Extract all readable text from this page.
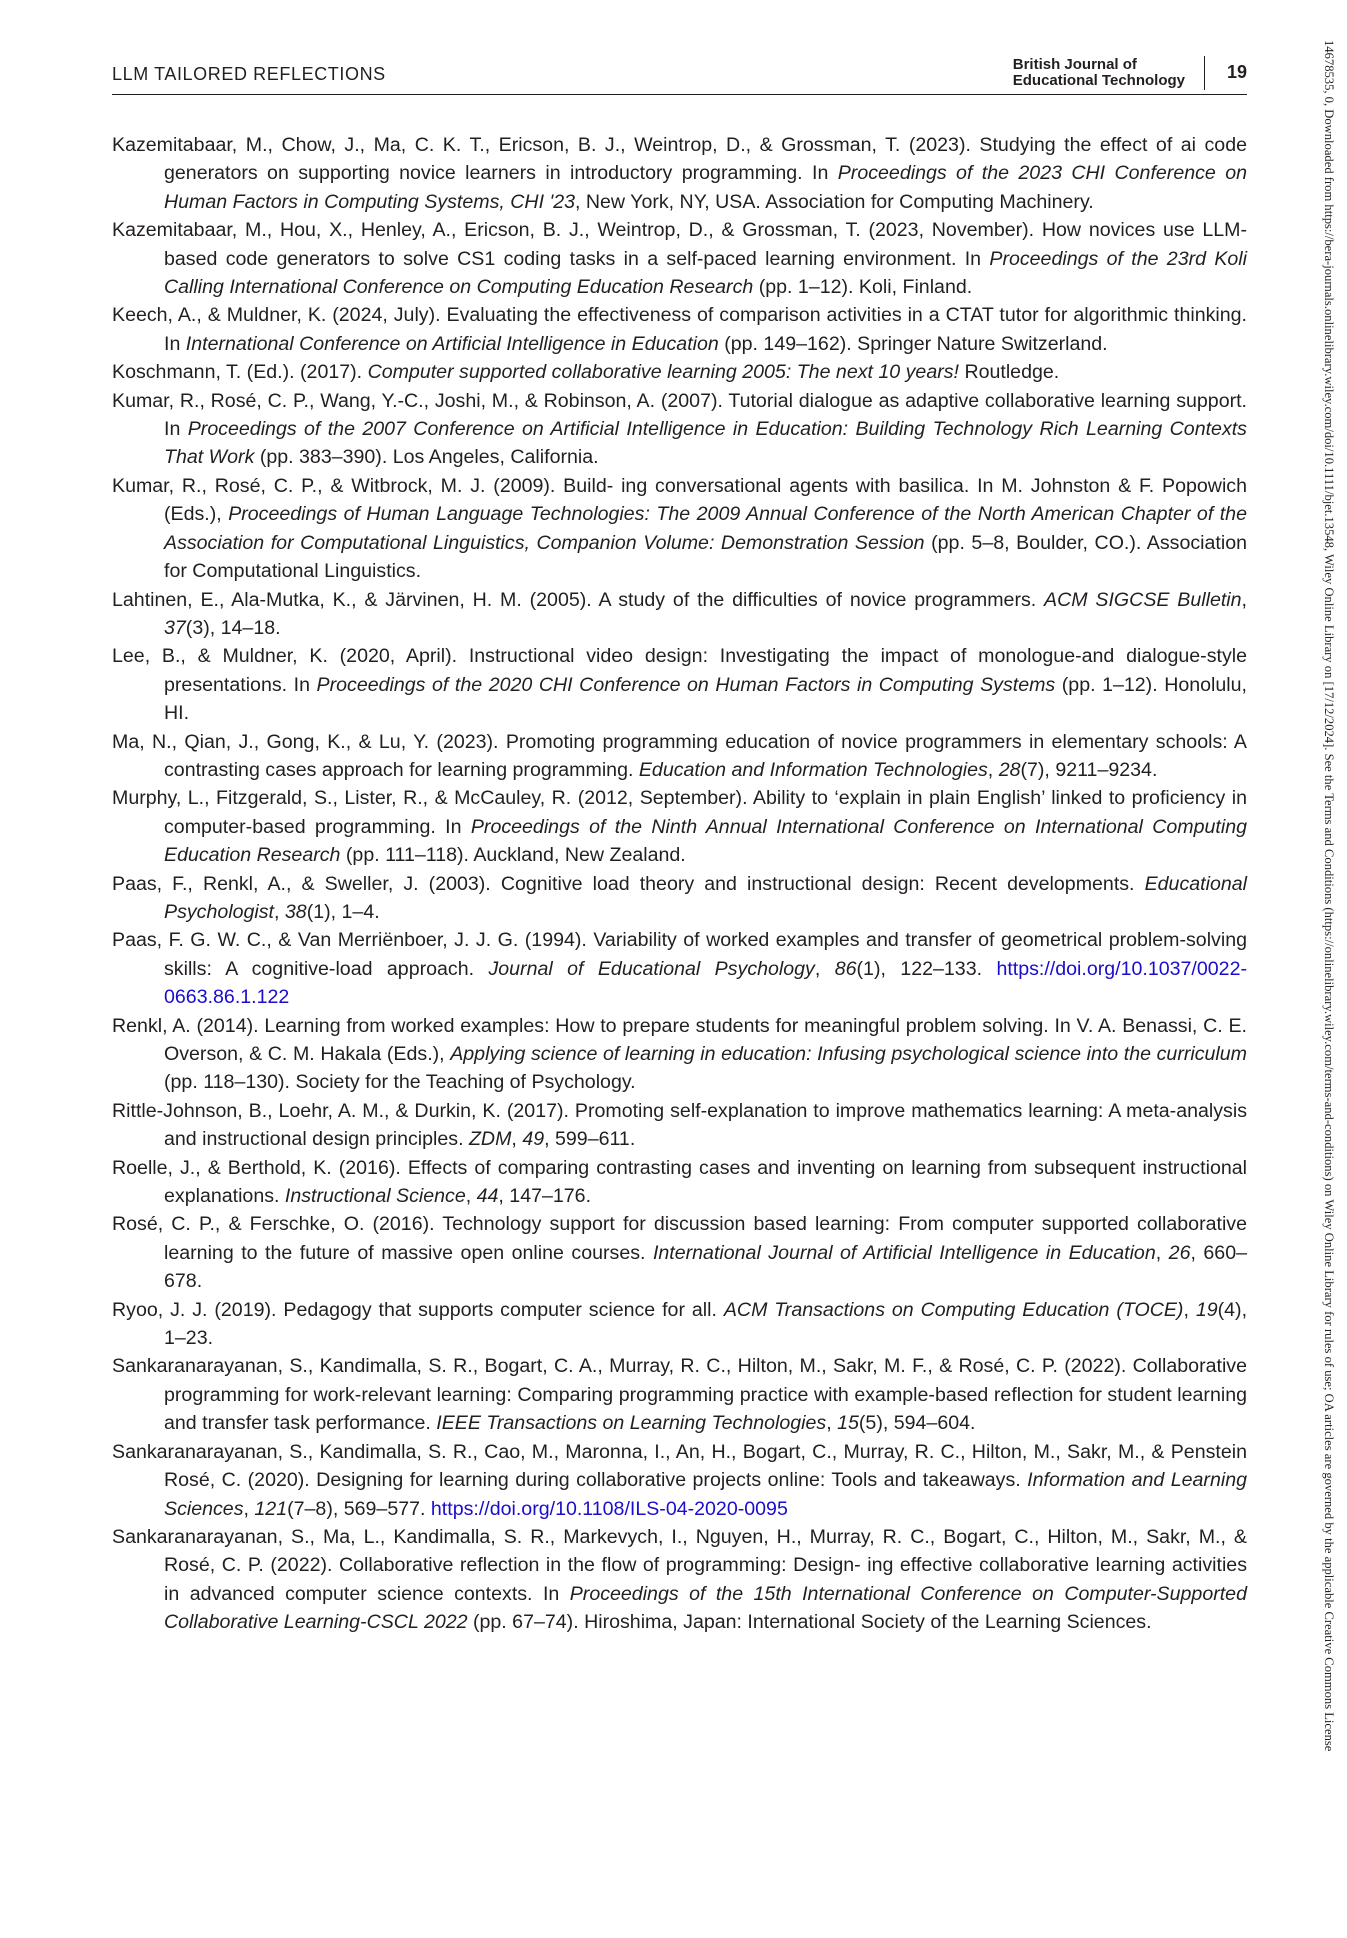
LLM TAILORED REFLECTIONS	British Journal of
Educational Technology 19	14678535, 0, Downloaded from https://bera-journals.onlinelibrary.wiley.com/doi/10.1111/bjet.13548, Wiley Online Library on [17/12/2024]. See the Terms and Conditions (https://onlinelibrary.wiley.com/terms-and-conditions) on Wiley Online Library for rules of use; OA articles are governed by the applicable Creative Commons License

Kazemitabaar, M., Chow, J., Ma, C. K. T., Ericson, B. J., Weintrop, D., & Grossman, T. (2023). Studying the effect of ai code generators on supporting novice learners in introductory programming. In Proceedings of the 2023 CHI Conference on Human Factors in Computing Systems, CHI '23, New York, NY, USA. Association for Computing Machinery.

Kazemitabaar, M., Hou, X., Henley, A., Ericson, B. J., Weintrop, D., & Grossman, T. (2023, November). How novices use LLM-based code generators to solve CS1 coding tasks in a self-paced learning environment. In Proceedings of the 23rd Koli Calling International Conference on Computing Education Research (pp. 1–12). Koli, Finland.

Keech, A., & Muldner, K. (2024, July). Evaluating the effectiveness of comparison activities in a CTAT tutor for algorithmic thinking. In International Conference on Artificial Intelligence in Education (pp. 149–162). Springer Nature Switzerland.

Koschmann, T. (Ed.). (2017). Computer supported collaborative learning 2005: The next 10 years! Routledge.

Kumar, R., Rosé, C. P., Wang, Y.-C., Joshi, M., & Robinson, A. (2007). Tutorial dialogue as adaptive collaborative learning support. In Proceedings of the 2007 Conference on Artificial Intelligence in Education: Building Technology Rich Learning Contexts That Work (pp. 383–390). Los Angeles, California.

Kumar, R., Rosé, C. P., & Witbrock, M. J. (2009). Build- ing conversational agents with basilica. In M. Johnston & F. Popowich (Eds.), Proceedings of Human Language Technologies: The 2009 Annual Conference of the North American Chapter of the Association for Computational Linguistics, Companion Volume: Demonstration Session (pp. 5–8, Boulder, CO.). Association for Computational Linguistics.

Lahtinen, E., Ala-Mutka, K., & Järvinen, H. M. (2005). A study of the difficulties of novice programmers. ACM SIGCSE Bulletin, 37(3), 14–18.

Lee, B., & Muldner, K. (2020, April). Instructional video design: Investigating the impact of monologue-and dialogue-style presentations. In Proceedings of the 2020 CHI Conference on Human Factors in Computing Systems (pp. 1–12). Honolulu, HI.

Ma, N., Qian, J., Gong, K., & Lu, Y. (2023). Promoting programming education of novice programmers in elementary schools: A contrasting cases approach for learning programming. Education and Information Technologies, 28(7), 9211–9234.

Murphy, L., Fitzgerald, S., Lister, R., & McCauley, R. (2012, September). Ability to ‘explain in plain English’ linked to proficiency in computer-based programming. In Proceedings of the Ninth Annual International Conference on International Computing Education Research (pp. 111–118). Auckland, New Zealand.

Paas, F., Renkl, A., & Sweller, J. (2003). Cognitive load theory and instructional design: Recent developments. Educational Psychologist, 38(1), 1–4.

Paas, F. G. W. C., & Van Merriënboer, J. J. G. (1994). Variability of worked examples and transfer of geometrical problem-solving skills: A cognitive-load approach. Journal of Educational Psychology, 86(1), 122–133. https://doi.org/10.1037/0022-0663.86.1.122

Renkl, A. (2014). Learning from worked examples: How to prepare students for meaningful problem solving. In V. A. Benassi, C. E. Overson, & C. M. Hakala (Eds.), Applying science of learning in education: Infusing psychological science into the curriculum (pp. 118–130). Society for the Teaching of Psychology.

Rittle-Johnson, B., Loehr, A. M., & Durkin, K. (2017). Promoting self-explanation to improve mathematics learning: A meta-analysis and instructional design principles. ZDM, 49, 599–611.

Roelle, J., & Berthold, K. (2016). Effects of comparing contrasting cases and inventing on learning from subsequent instructional explanations. Instructional Science, 44, 147–176.

Rosé, C. P., & Ferschke, O. (2016). Technology support for discussion based learning: From computer supported collaborative learning to the future of massive open online courses. International Journal of Artificial Intelligence in Education, 26, 660–678.

Ryoo, J. J. (2019). Pedagogy that supports computer science for all. ACM Transactions on Computing Education (TOCE), 19(4), 1–23.

Sankaranarayanan, S., Kandimalla, S. R., Bogart, C. A., Murray, R. C., Hilton, M., Sakr, M. F., & Rosé, C. P. (2022). Collaborative programming for work-relevant learning: Comparing programming practice with example-based reflection for student learning and transfer task performance. IEEE Transactions on Learning Technologies, 15(5), 594–604.

Sankaranarayanan, S., Kandimalla, S. R., Cao, M., Maronna, I., An, H., Bogart, C., Murray, R. C., Hilton, M., Sakr, M., & Penstein Rosé, C. (2020). Designing for learning during collaborative projects online: Tools and takeaways. Information and Learning Sciences, 121(7–8), 569–577. https://doi.org/10.1108/ILS-04-2020-0095

Sankaranarayanan, S., Ma, L., Kandimalla, S. R., Markevych, I., Nguyen, H., Murray, R. C., Bogart, C., Hilton, M., Sakr, M., & Rosé, C. P. (2022). Collaborative reflection in the flow of programming: Design- ing effective collaborative learning activities in advanced computer science contexts. In Proceedings of the 15th International Conference on Computer-Supported Collaborative Learning-CSCL 2022 (pp. 67–74). Hiroshima, Japan: International Society of the Learning Sciences.
